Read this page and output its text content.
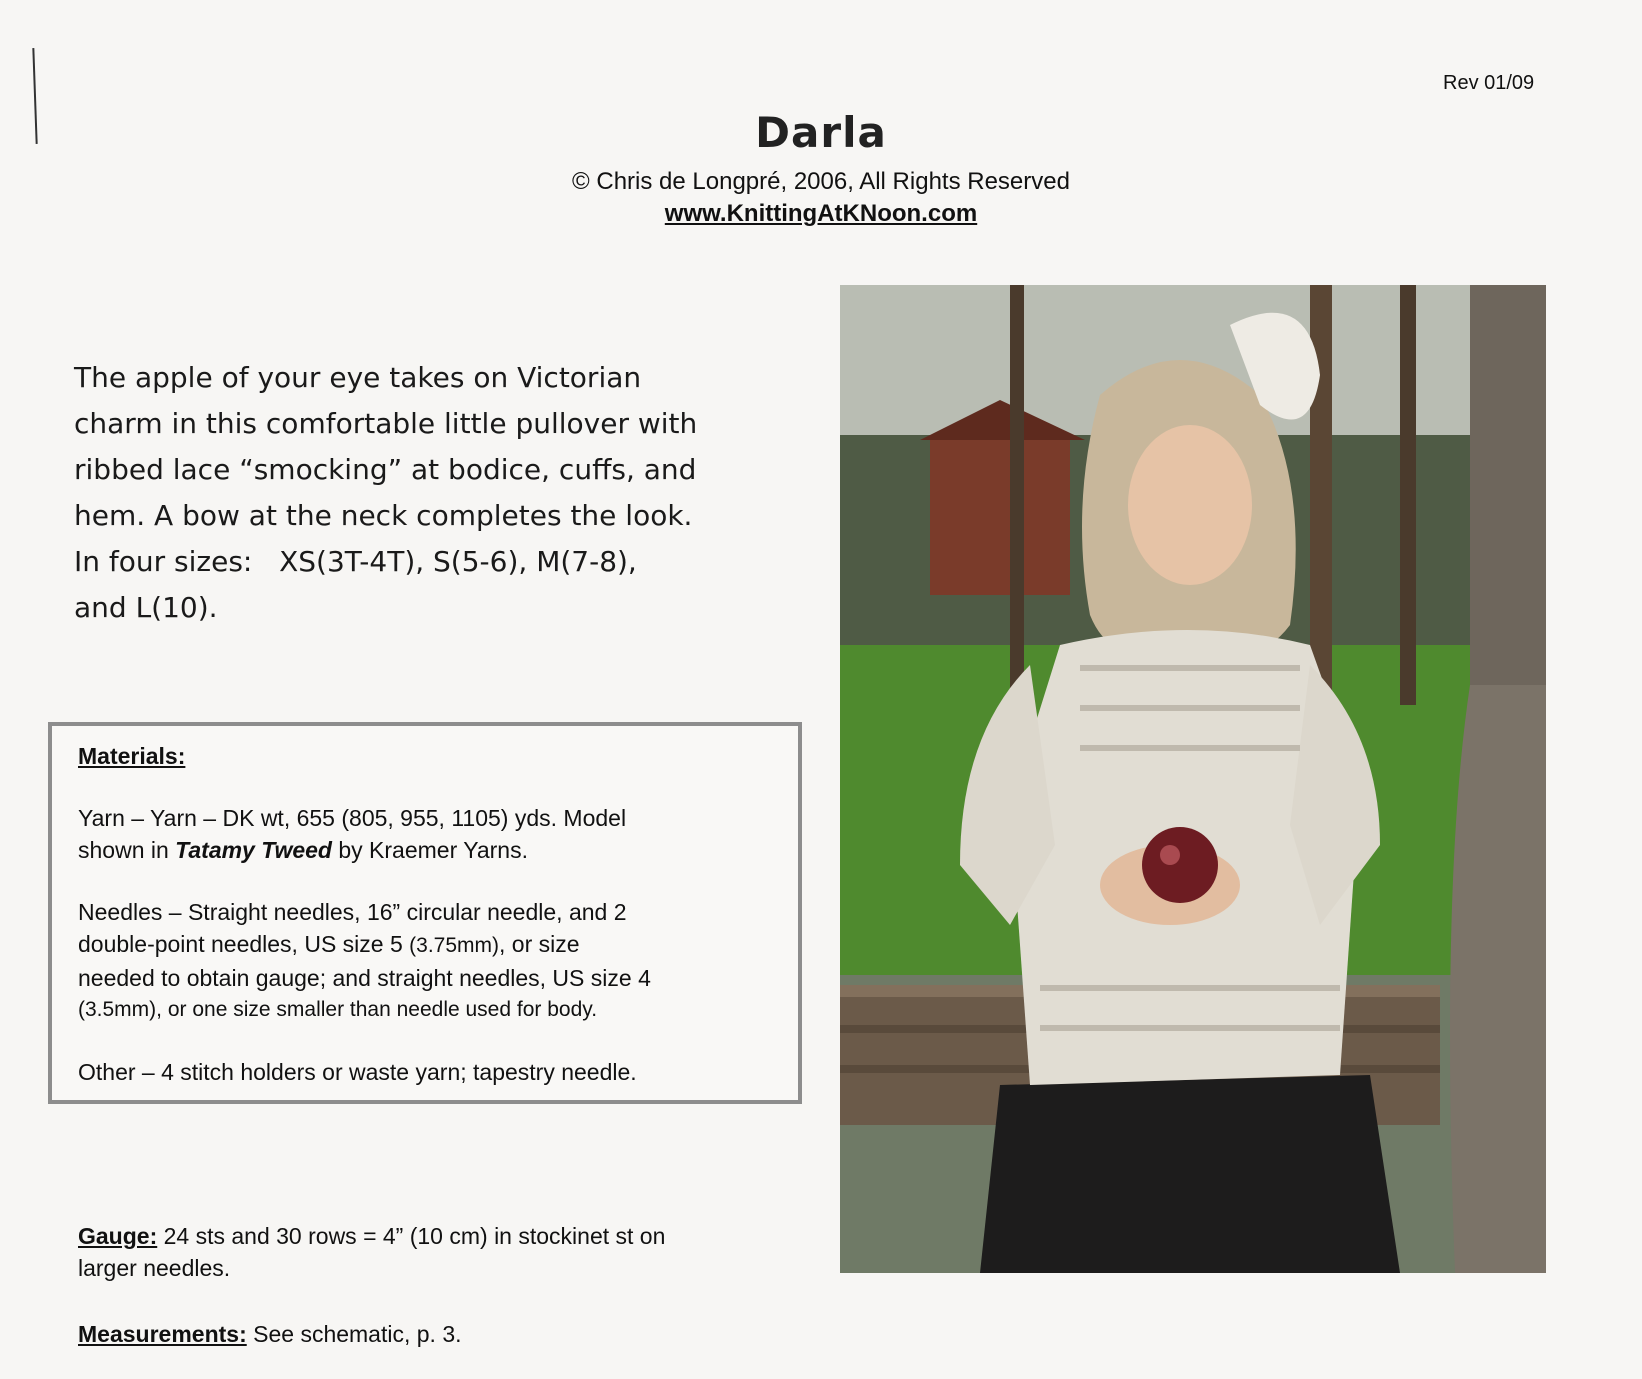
Rev 01/09
Darla
© Chris de Longpré, 2006, All Rights Reserved
www.KnittingAtKNoon.com
The apple of your eye takes on Victorian
charm in this comfortable little pullover with
ribbed lace “smocking” at bodice, cuffs, and
hem. A bow at the neck completes the look.
In four sizes:   XS(3T-4T), S(5-6), M(7-8),
and L(10).
Materials:
Yarn – Yarn – DK wt, 655 (805, 955, 1105) yds. Model
shown in Tatamy Tweed by Kraemer Yarns.
Needles – Straight needles, 16” circular needle, and 2
double-point needles, US size 5 (3.75mm), or size
needed to obtain gauge; and straight needles, US size 4
(3.5mm), or one size smaller than needle used for body.
Other – 4 stitch holders or waste yarn; tapestry needle.
Gauge: 24 sts and 30 rows = 4” (10 cm) in stockinet st on
larger needles.
Measurements: See schematic, p. 3.
